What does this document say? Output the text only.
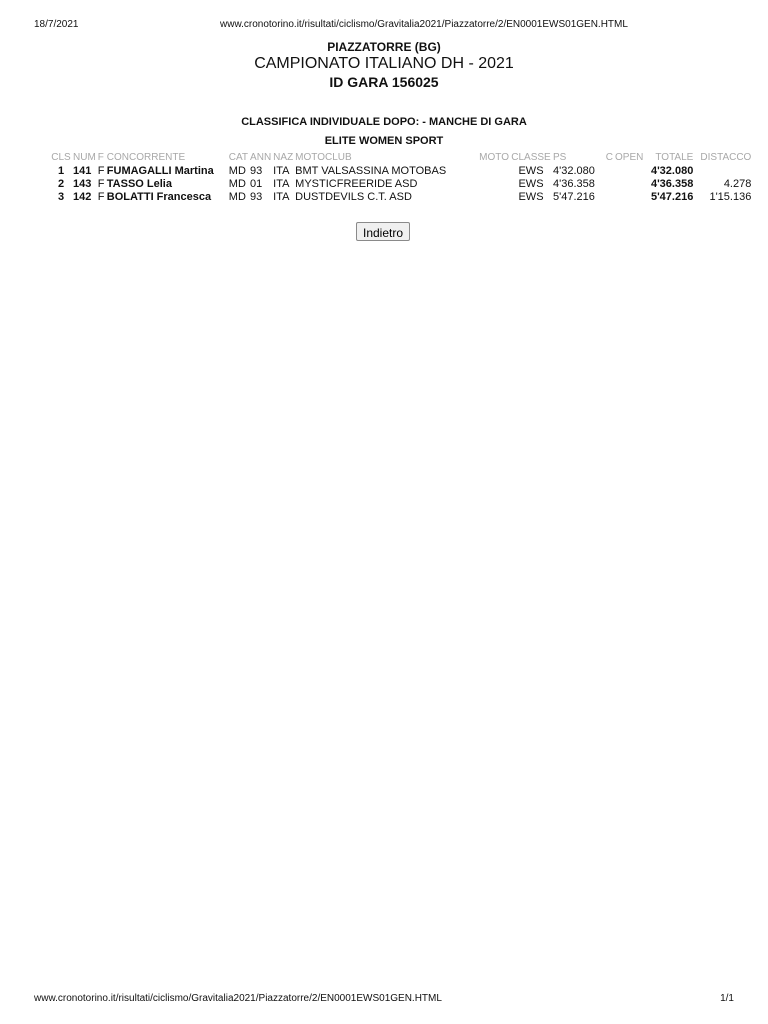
18/7/2021	www.cronotorino.it/risultati/ciclismo/Gravitalia2021/Piazzatorre/2/EN0001EWS01GEN.HTML
PIAZZATORRE (BG)
CAMPIONATO ITALIANO DH - 2021
ID GARA 156025
CLASSIFICA INDIVIDUALE DOPO: - MANCHE DI GARA
ELITE WOMEN SPORT
CLS	NUM	F	CONCORRENTE	CAT	ANN	NAZ	MOTOCLUB	MOTO	CLASSE	PS	C	OPEN	TOTALE	DISTACCO
1	141	F	FUMAGALLI Martina	MD	93	ITA	BMT VALSASSINA MOTOBAS		EWS	4'32.080			4'32.080	
2	143	F	TASSO Lelia	MD	01	ITA	MYSTICFREERIDE ASD		EWS	4'36.358			4'36.358	4.278
3	142	F	BOLATTI Francesca	MD	93	ITA	DUSTDEVILS C.T. ASD		EWS	5'47.216			5'47.216	1'15.136
Indietro
www.cronotorino.it/risultati/ciclismo/Gravitalia2021/Piazzatorre/2/EN0001EWS01GEN.HTML	1/1
